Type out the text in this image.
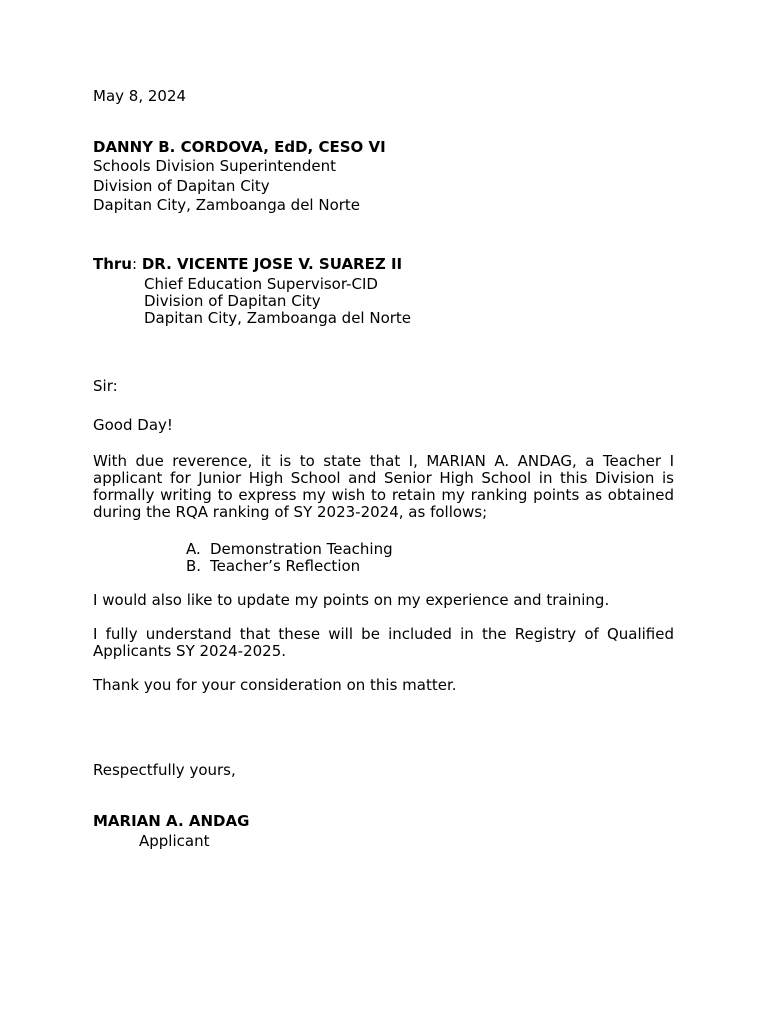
May 8, 2024
DANNY B. CORDOVA, EdD, CESO VI
Schools Division Superintendent
Division of Dapitan City
Dapitan City, Zamboanga del Norte
Thru: DR. VICENTE JOSE V. SUAREZ II
Chief Education Supervisor-CID
Division of Dapitan City
Dapitan City, Zamboanga del Norte
Sir:
Good Day!
With due reverence, it is to state that I, MARIAN A. ANDAG, a Teacher I applicant for Junior High School and Senior High School in this Division is formally writing to express my wish to retain my ranking points as obtained during the RQA ranking of SY 2023-2024, as follows;
A. Demonstration Teaching
B. Teacher’s Reflection
I would also like to update my points on my experience and training.
I fully understand that these will be included in the Registry of Qualified Applicants SY 2024-2025.
Thank you for your consideration on this matter.
Respectfully yours,
MARIAN A. ANDAG
Applicant
